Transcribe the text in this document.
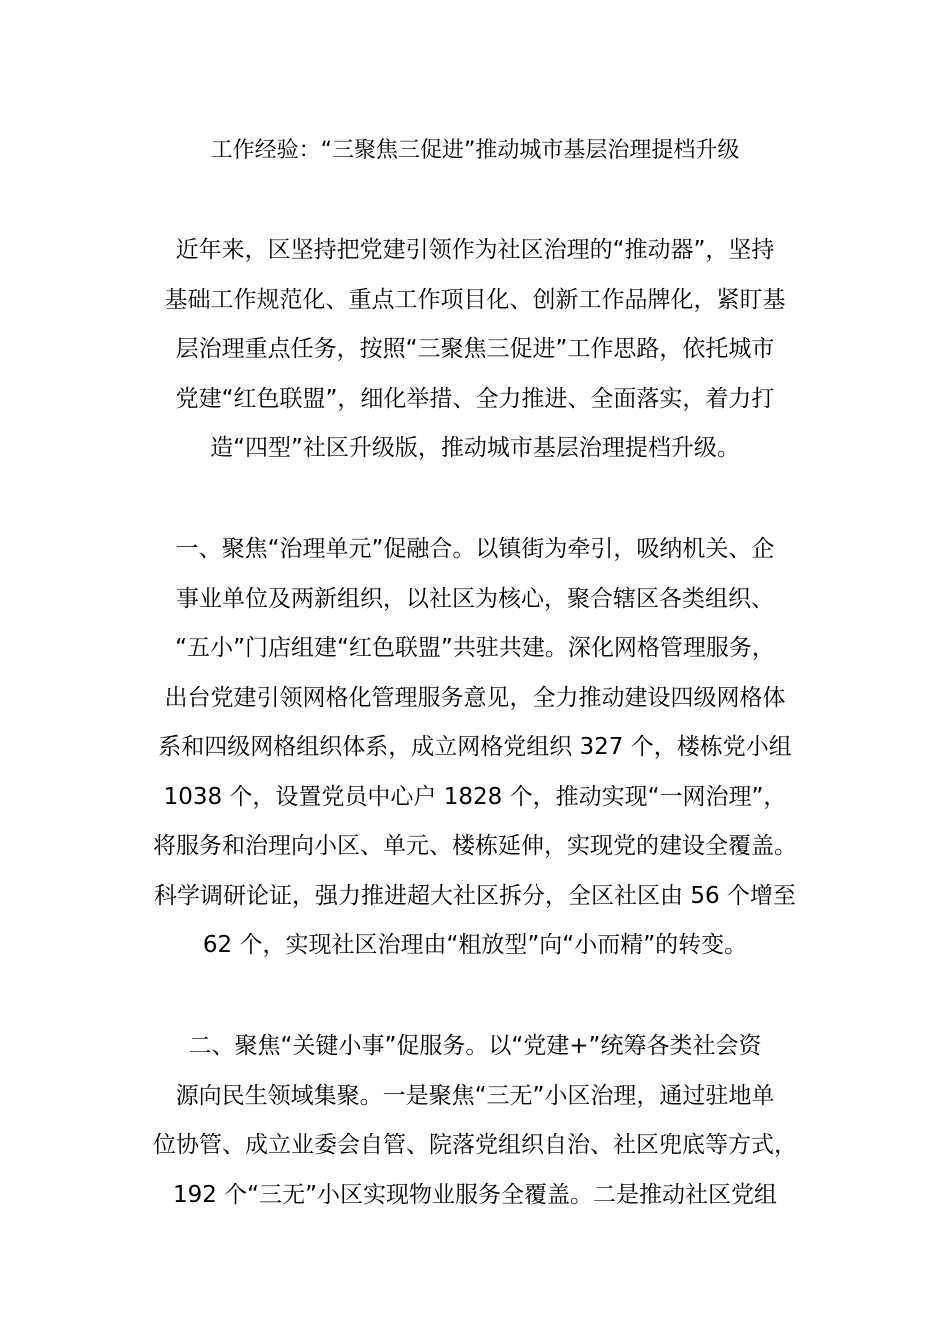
工作经验：“三聚焦三促进”推动城市基层治理提档升级
近年来，区坚持把党建引领作为社区治理的“推动器”，坚持
基础工作规范化、重点工作项目化、创新工作品牌化，紧盯基
层治理重点任务，按照“三聚焦三促进”工作思路，依托城市
党建“红色联盟”，细化举措、全力推进、全面落实，着力打
造“四型”社区升级版，推动城市基层治理提档升级。
一、聚焦“治理单元”促融合。以镇街为牵引，吸纳机关、企
事业单位及两新组织，以社区为核心，聚合辖区各类组织、
“五小”门店组建“红色联盟”共驻共建。深化网格管理服务，
出台党建引领网格化管理服务意见，全力推动建设四级网格体
系和四级网格组织体系，成立网格党组织 327 个，楼栋党小组
1038 个，设置党员中心户 1828 个，推动实现“一网治理”，
将服务和治理向小区、单元、楼栋延伸，实现党的建设全覆盖。
科学调研论证，强力推进超大社区拆分，全区社区由 56 个增至
62 个，实现社区治理由“粗放型”向“小而精”的转变。
二、聚焦“关键小事”促服务。以“党建+”统筹各类社会资
源向民生领域集聚。一是聚焦“三无”小区治理，通过驻地单
位协管、成立业委会自管、院落党组织自治、社区兜底等方式，
192 个“三无”小区实现物业服务全覆盖。二是推动社区党组
